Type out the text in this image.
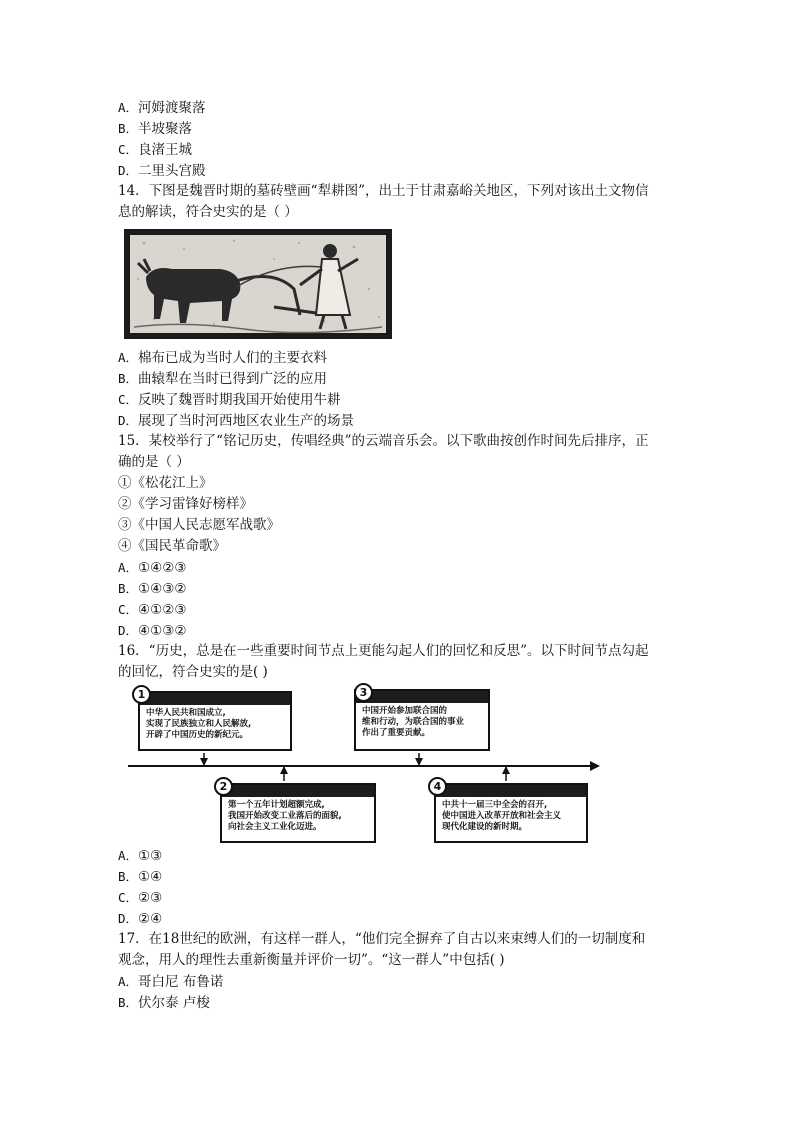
A．河姆渡聚落
B．半坡聚落
C．良渚王城
D．二里头宫殿
14．下图是魏晋时期的墓砖壁画“犁耕图”，出土于甘肃嘉峪关地区，下列对该出土文物信
息的解读，符合史实的是（ ）
A．棉布已成为当时人们的主要衣料
B．曲辕犁在当时已得到广泛的应用
C．反映了魏晋时期我国开始使用牛耕
D．展现了当时河西地区农业生产的场景
15．某校举行了“铭记历史，传唱经典”的云端音乐会。以下歌曲按创作时间先后排序，正
确的是（ ）
①《松花江上》
②《学习雷锋好榜样》
③《中国人民志愿军战歌》
④《国民革命歌》
A．①④②③
B．①④③②
C．④①②③
D．④①③②
16．“历史，总是在一些重要时间节点上更能勾起人们的回忆和反思”。以下时间节点勾起
的回忆，符合史实的是( )
中华人民共和国成立,
实现了民族独立和人民解放,
开辟了中国历史的新纪元。
1
中国开始参加联合国的
维和行动，为联合国的事业
作出了重要贡献。
3
第一个五年计划超额完成,
我国开始改变工业落后的面貌,
向社会主义工业化迈进。
2
中共十一届三中全会的召开,
使中国进入改革开放和社会主义
现代化建设的新时期。
4
A．①③
B．①④
C．②③
D．②④
17．在18世纪的欧洲，有这样一群人，“他们完全摒弃了自古以来束缚人们的一切制度和
观念，用人的理性去重新衡量并评价一切”。“这一群人”中包括( )
A．哥白尼 布鲁诺
B．伏尔泰 卢梭
